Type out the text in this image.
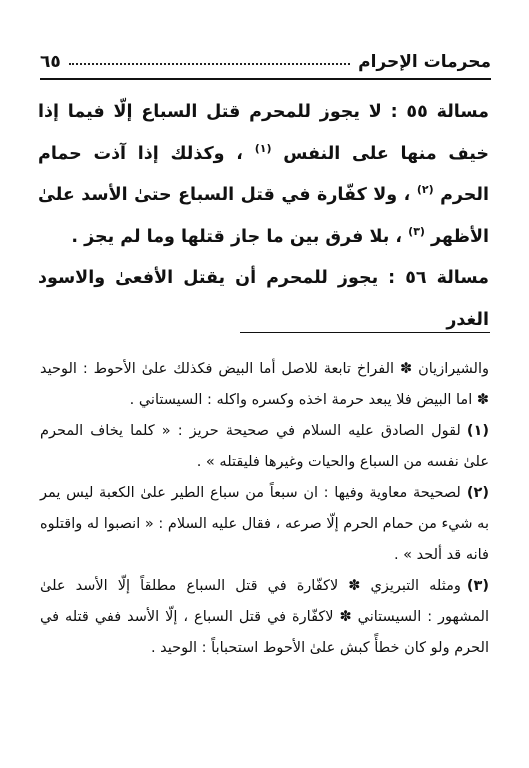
محرمات الإحرام
٦٥

مسالة ٥٥ : لا يجوز للمحرم قتل السباع إلّا فيما إذا خيف منها على النفس $^{(١)}$ ، وكذلك إذا آذت حمام الحرم $^{(٢)}$ ، ولا كفّارة في قتل السباع حتىٰ الأسد علىٰ الأظهر $^{(٣)}$ ، بلا فرق بين ما جاز قتلها وما لم يجز .

مسالة ٥٦ : يجوز للمحرم أن يقتل الأفعىٰ والاسود الغدر

والشيرازيان ✽ الفراخ تابعة للاصل أما البيض فكذلك علىٰ الأحوط : الوحيد ✽ اما البيض فلا يبعد حرمة اخذه وكسره واكله : السيستاني .

(١)لقول الصادق عليه السلام في صحيحة حريز : « كلما يخاف المحرم علىٰ نفسه من السباع والحيات وغيرها فليقتله » .

(٢)لصحيحة معاوية وفيها : ان سبعاً من سباع الطير علىٰ الكعبة ليس يمر به شيء من حمام الحرم إلّا صرعه ، فقال عليه السلام : « انصبوا له واقتلوه فانه قد ألحد » .

(٣)ومثله التبريزي ✽ لاكفّارة في قتل السباع مطلقاً إلّا الأسد علىٰ المشهور : السيستاني ✽ لاكفّارة في قتل السباع ، إلّا الأسد ففي قتله في الحرم ولو كان خطأً كبش علىٰ الأحوط استحباباً : الوحيد .
